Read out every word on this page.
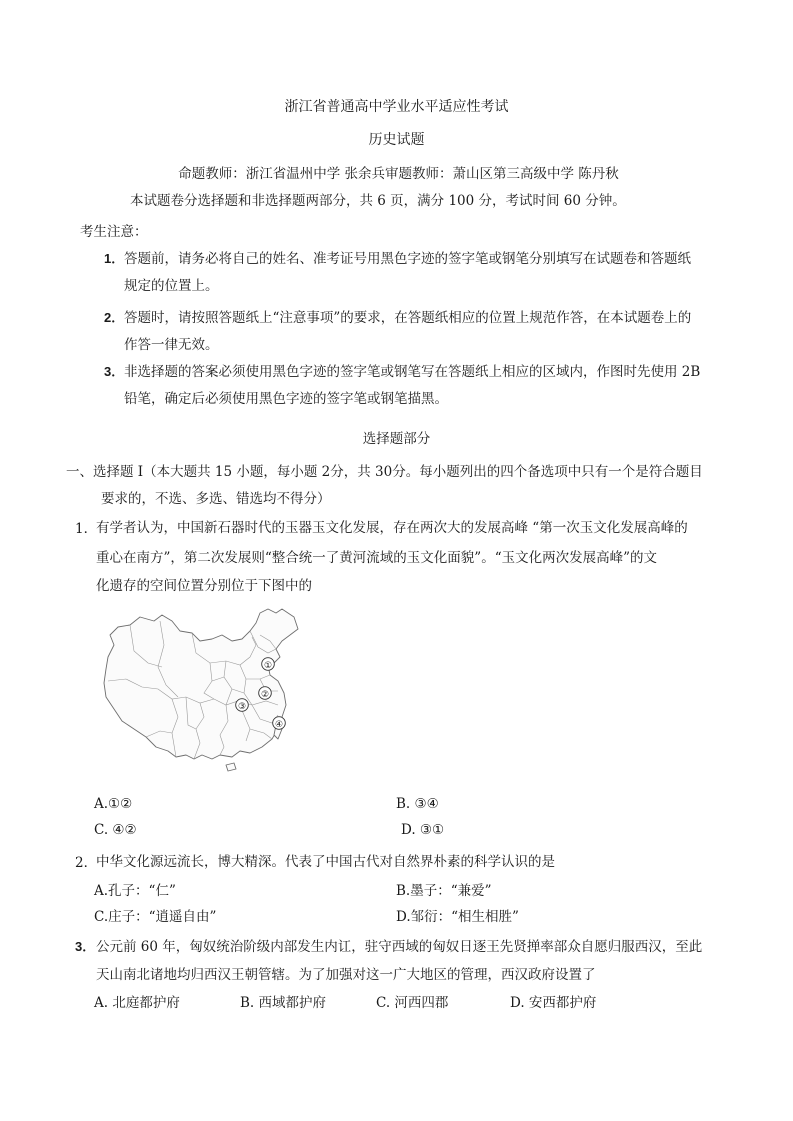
浙江省普通高中学业水平适应性考试
历史试题
命题教师：浙江省温州中学 张余兵审题教师：萧山区第三高级中学 陈丹秋
本试题卷分选择题和非选择题两部分，共 6 页，满分 100 分，考试时间 60 分钟。
考生注意：
1． 答题前，请务必将自己的姓名、准考证号用黑色字迹的签字笔或钢笔分别填写在试题卷和答题纸
规定的位置上。
2． 答题时，请按照答题纸上“注意事项”的要求，在答题纸相应的位置上规范作答，在本试题卷上的
作答一律无效。
3． 非选择题的答案必须使用黑色字迹的签字笔或钢笔写在答题纸上相应的区域内，作图时先使用 2B
铅笔，确定后必须使用黑色字迹的签字笔或钢笔描黑。
选择题部分
一、选择题 I（本大题共 15 小题，每小题 2分，共 30分。每小题列出的四个备选项中只有一个是符合题目
要求的，不选、多选、错选均不得分）
1．
有学者认为，中国新石器时代的玉器玉文化发展，存在两次大的发展高峰 “第一次玉文化发展高峰的
重心在南方”，第二次发展则“整合统一了黄河流域的玉文化面貌”。“玉文化两次发展高峰”的文
化遗存的空间位置分别位于下图中的
①
②
③
④
A.①②	B. ③④
C. ④②	D. ③①
2．
中华文化源远流长，博大精深。代表了中国古代对自然界朴素的科学认识的是
A.孔子：“仁”	B.墨子：“兼爱”
C.庄子：“逍遥自由”	D.邹衍：“相生相胜”
3． 公元前 60 年，匈奴统治阶级内部发生内讧，驻守西域的匈奴日逐王先贤掸率部众自愿归服西汉，至此
天山南北诸地均归西汉王朝管辖。为了加强对这一广大地区的管理，西汉政府设置了
A. 北庭都护府	B. 西域都护府	C. 河西四郡	D. 安西都护府
